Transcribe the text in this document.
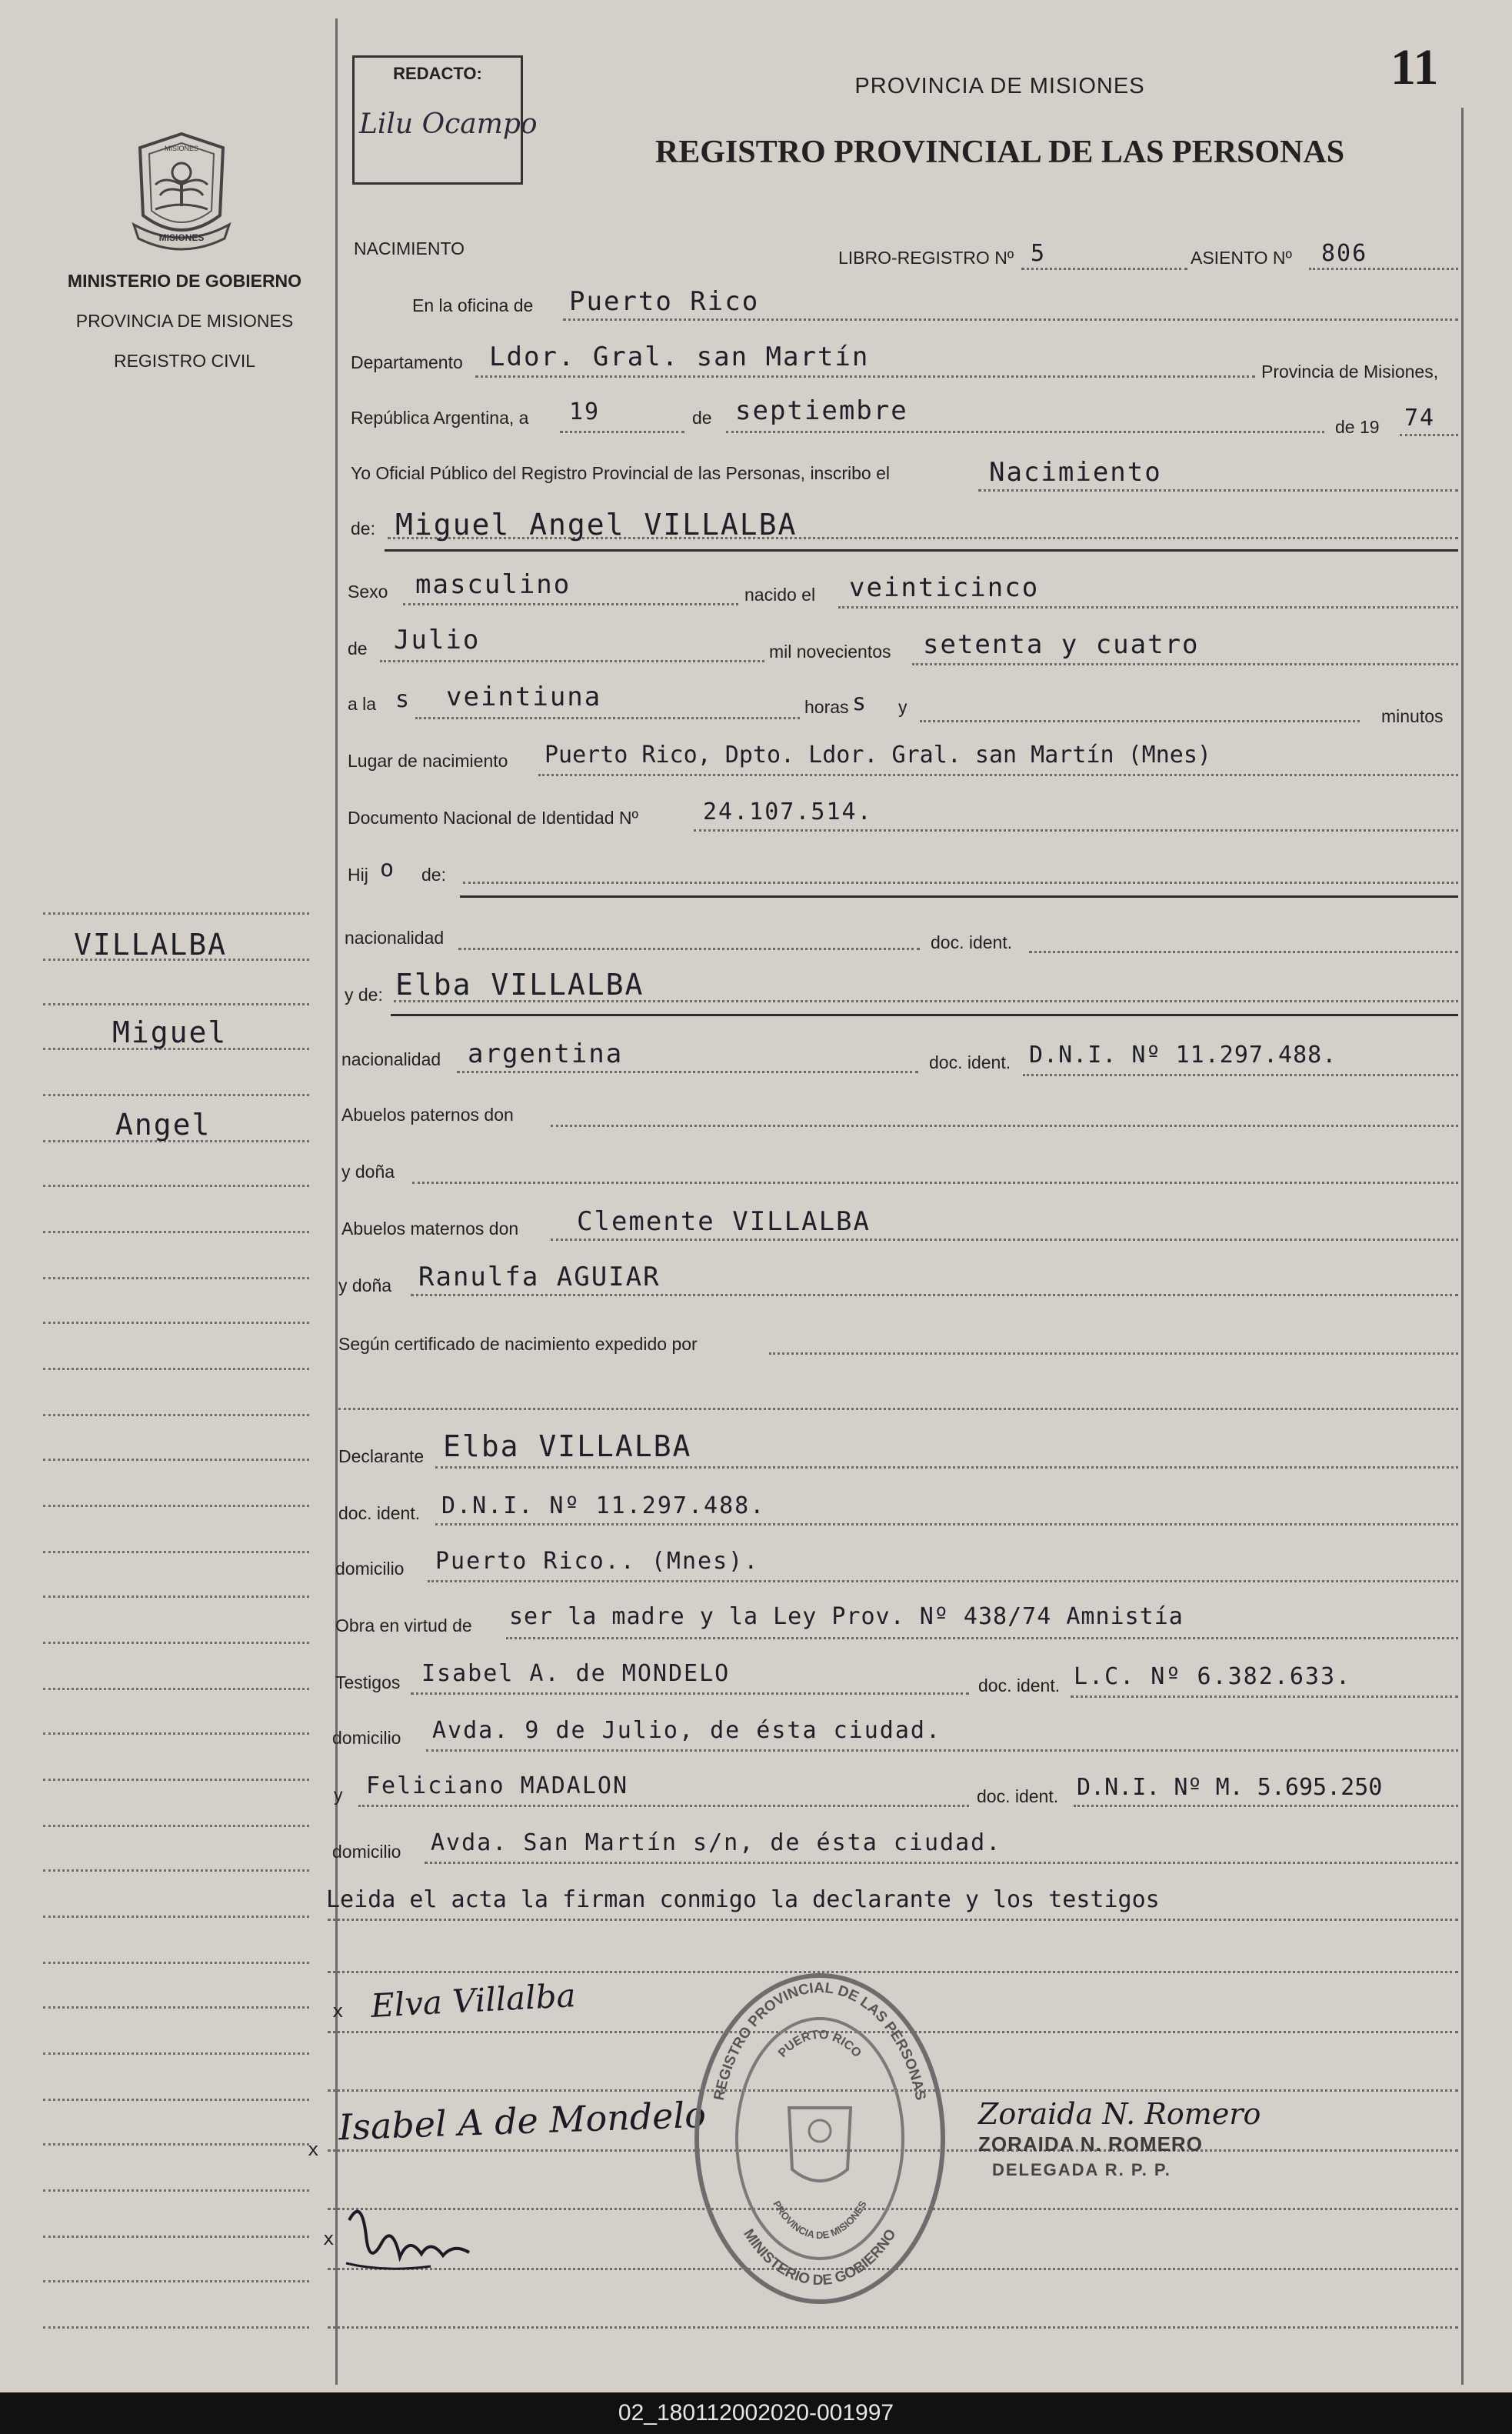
11
REDACTO:
Lilu Ocampo
PROVINCIA DE MISIONES
REGISTRO PROVINCIAL DE LAS PERSONAS
MISIONES
MISIONES
MINISTERIO DE GOBIERNO
PROVINCIA DE MISIONES
REGISTRO CIVIL
VILLALBA
Miguel
Angel
NACIMIENTO	LIBRO-REGISTRO Nº 5	ASIENTO Nº 806
En la oficina de Puerto Rico
Departamento Ldor. Gral. san Martín	Provincia de Misiones,
República Argentina, a 19	de septiembre
de 19 74
Yo Oficial Público del Registro Provincial de las Personas, inscribo el	Nacimiento
de: Miguel Angel VILLALBA
Sexo masculino	nacido el veinticinco
de Julio	mil novecientos setenta y cuatro
a la s veintiuna	horas s y	minutos
Lugar de nacimiento Puerto Rico, Dpto. Ldor. Gral. san Martín (Mnes)
Documento Nacional de Identidad Nº	24.107.514.
Hij o de:
nacionalidad	doc. ident.
y de: Elba VILLALBA
nacionalidad argentina	doc. ident. D.N.I. Nº 11.297.488.
Abuelos paternos don
y doña
Abuelos maternos don Clemente VILLALBA
y doña Ranulfa AGUIAR
Según certificado de nacimiento expedido por
Declarante Elba VILLALBA
doc. ident. D.N.I. Nº 11.297.488.
domicilio Puerto Rico.. (Mnes).
Obra en virtud de ser la madre y la Ley Prov. Nº 438/74 Amnistía
Testigos Isabel A. de MONDELO	doc. ident. L.C. Nº 6.382.633.
domicilio Avda. 9 de Julio, de ésta ciudad.
y Feliciano MADALON	doc. ident. D.N.I. Nº M. 5.695.250
domicilio Avda. San Martín s/n, de ésta ciudad.
Leida el acta la firman conmigo la declarante y los testigos
x Elva Villalba
x
Isabel A de Mondelo
x
REGISTRO PROVINCIAL DE LAS PERSONAS
MINISTERIO DE GOBIERNO
PUERTO RICO
PROVINCIA DE MISIONES
Zoraida N. Romero
ZORAIDA N. ROMERO
DELEGADA R. P. P.
02_180112002020-001997
